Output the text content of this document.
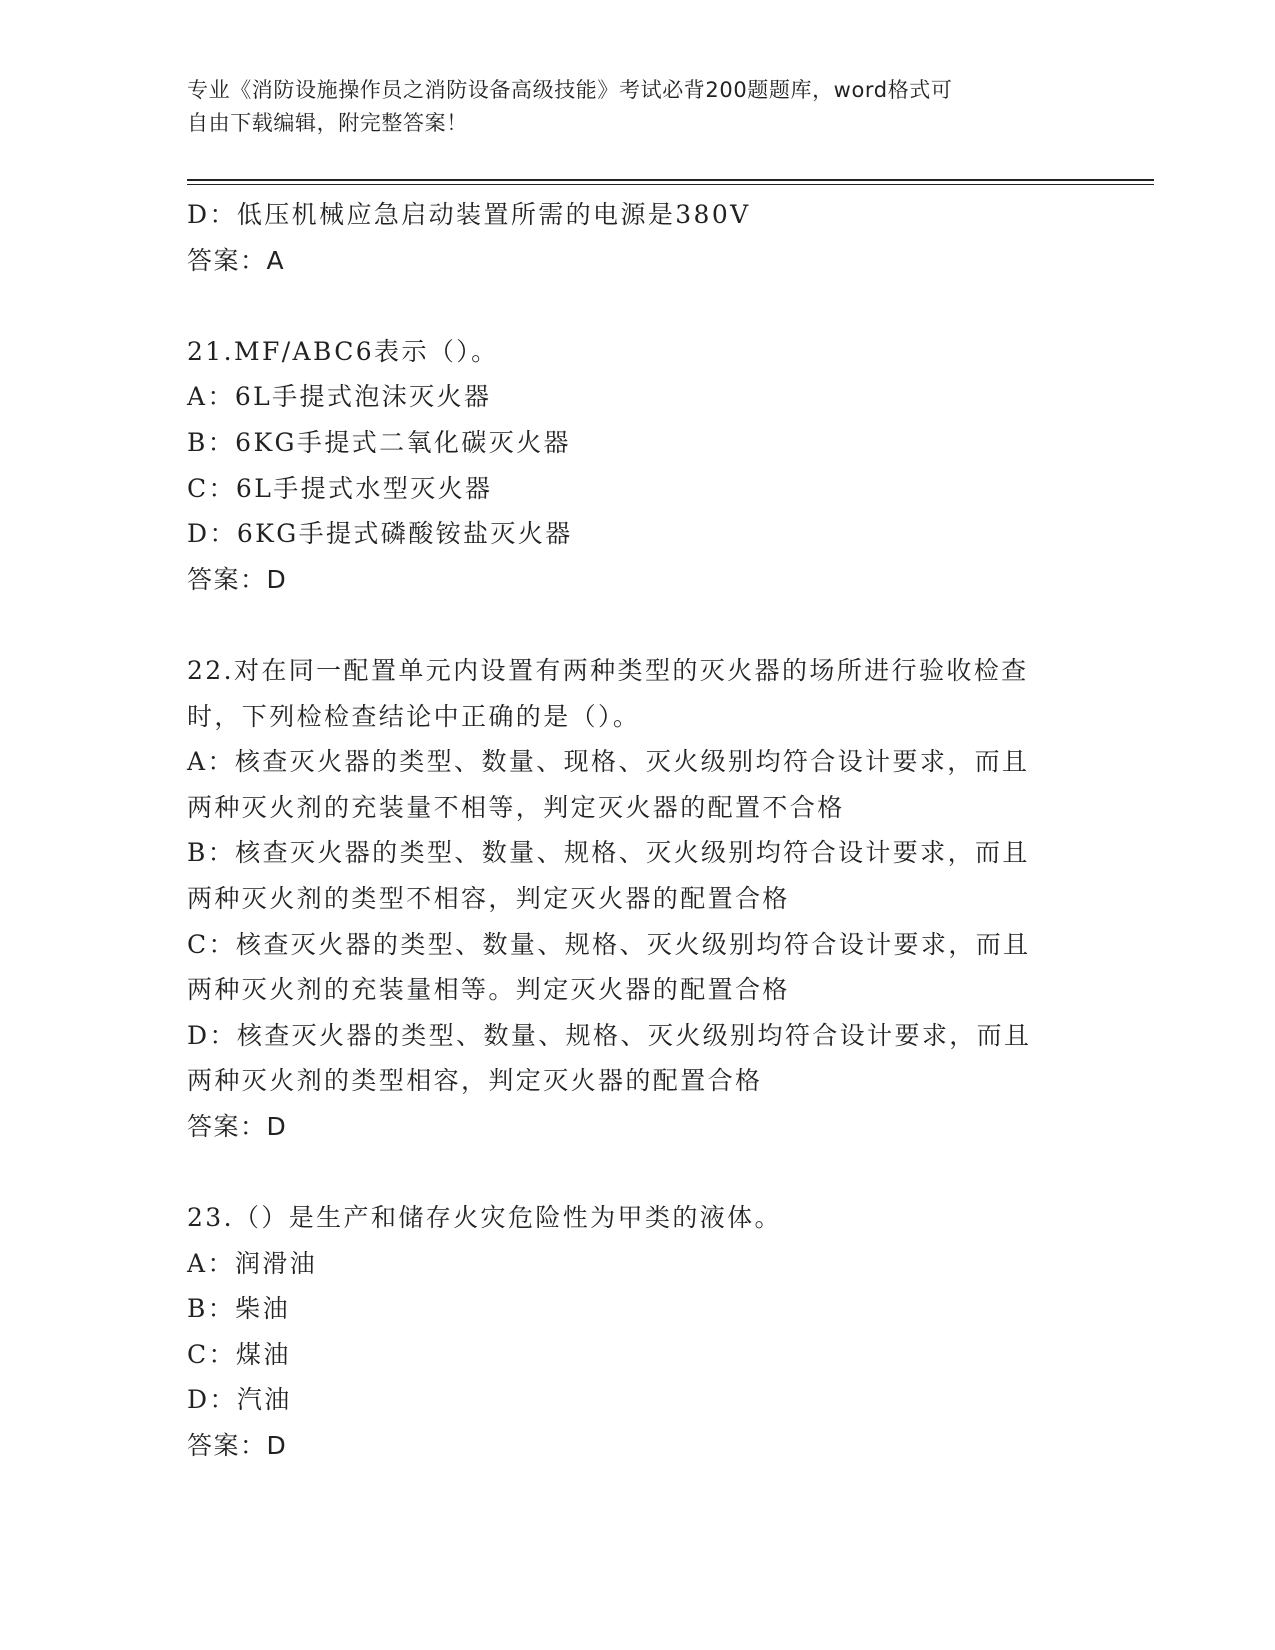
专业《消防设施操作员之消防设备高级技能》考试必背200题题库，word格式可
自由下载编辑，附完整答案！

D：低压机械应急启动装置所需的电源是380V

答案：A

21.MF/ABC6表示（）。

A：6L手提式泡沫灭火器

B：6KG手提式二氧化碳灭火器

C：6L手提式水型灭火器

D：6KG手提式磷酸铵盐灭火器

答案：D

22.对在同一配置单元内设置有两种类型的灭火器的场所进行验收检查

时，下列检检查结论中正确的是（）。

A：核查灭火器的类型、数量、现格、灭火级别均符合设计要求，而且

两种灭火剂的充装量不相等，判定灭火器的配置不合格

B：核查灭火器的类型、数量、规格、灭火级别均符合设计要求，而且

两种灭火剂的类型不相容，判定灭火器的配置合格

C：核查灭火器的类型、数量、规格、灭火级别均符合设计要求，而且

两种灭火剂的充装量相等。判定灭火器的配置合格

D：核查灭火器的类型、数量、规格、灭火级别均符合设计要求，而且

两种灭火剂的类型相容，判定灭火器的配置合格

答案：D

23.（）是生产和储存火灾危险性为甲类的液体。

A：润滑油

B：柴油

C：煤油

D：汽油

答案：D
